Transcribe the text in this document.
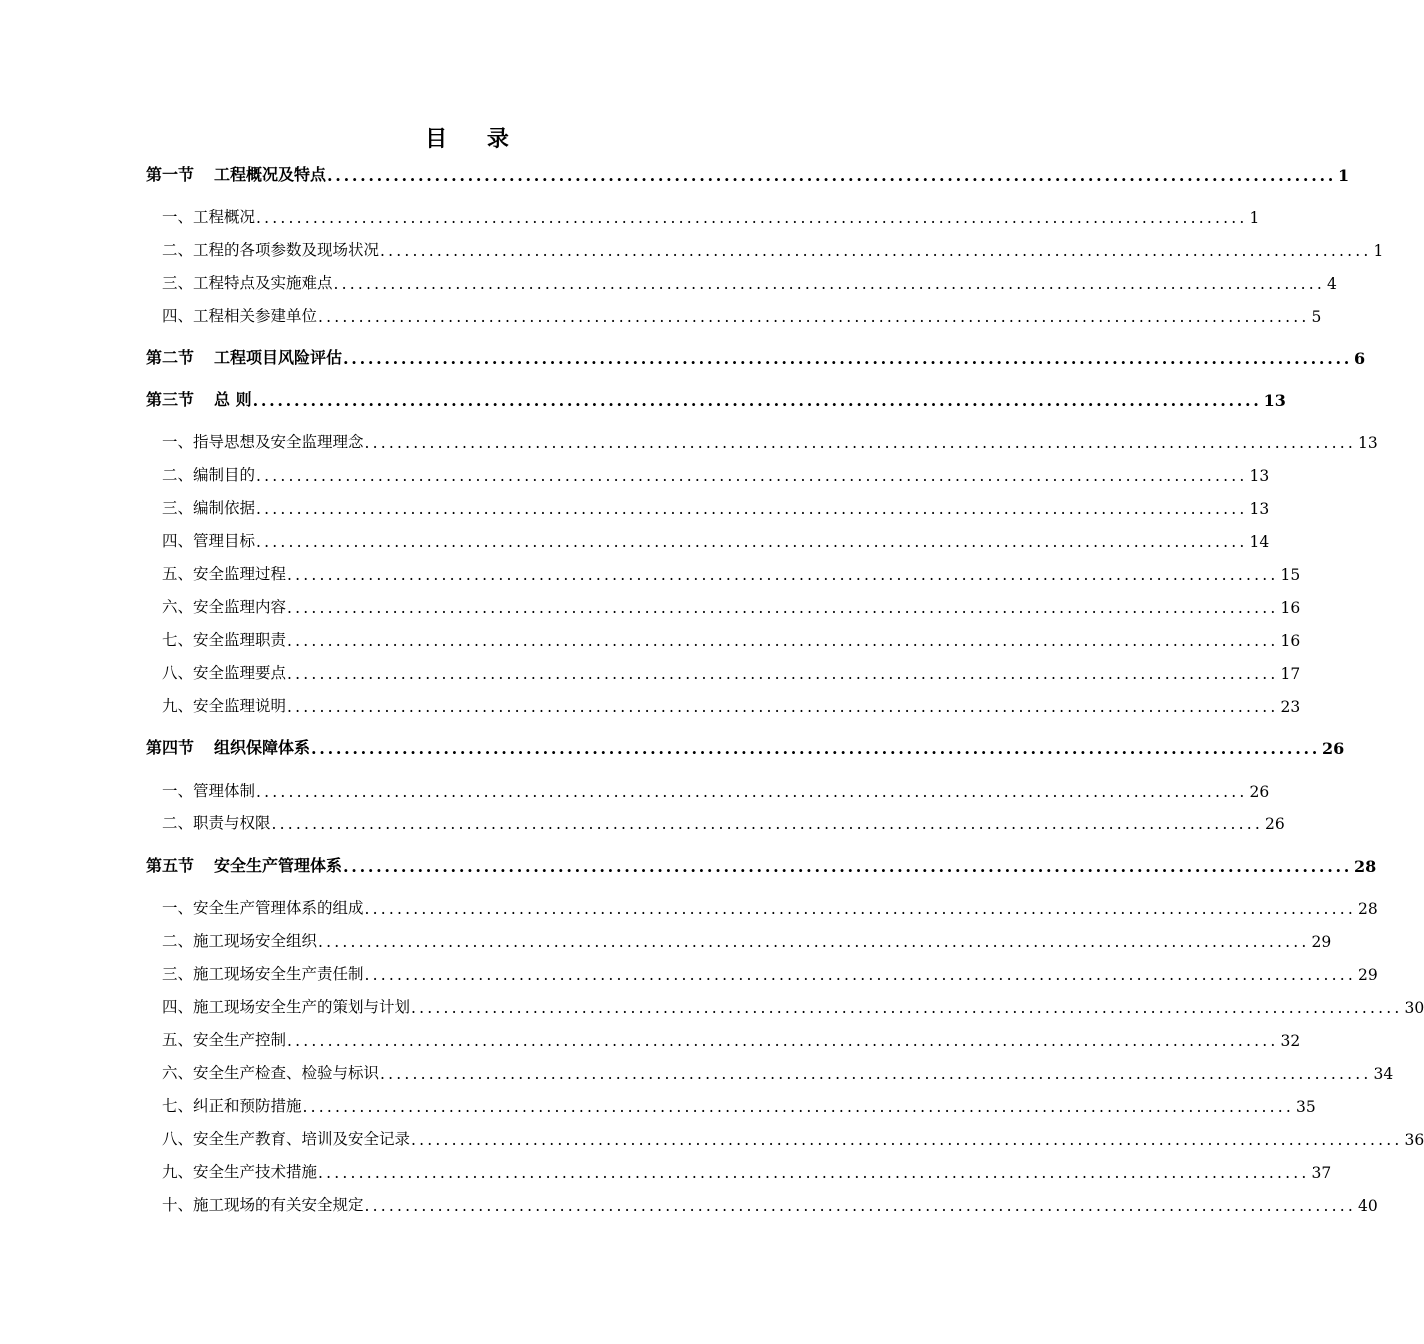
目 录
第一节 工程概况及特点 .......................................................................................................................... 1
一、 工程概况 .......................................................................................................................... 1
二、 工程的各项参数及现场状况 .......................................................................................................................... 1
三、 工程特点及实施难点 .......................................................................................................................... 4
四、 工程相关参建单位 .......................................................................................................................... 5
第二节 工程项目风险评估 .......................................................................................................................... 6
第三节 总 则 .......................................................................................................................... 13
一、 指导思想及安全监理理念 .......................................................................................................................... 13
二、 编制目的 .......................................................................................................................... 13
三、 编制依据 .......................................................................................................................... 13
四、 管理目标 .......................................................................................................................... 14
五、 安全监理过程 .......................................................................................................................... 15
六、 安全监理内容 .......................................................................................................................... 16
七、 安全监理职责 .......................................................................................................................... 16
八、 安全监理要点 .......................................................................................................................... 17
九、 安全监理说明 .......................................................................................................................... 23
第四节 组织保障体系 .......................................................................................................................... 26
一、 管理体制 .......................................................................................................................... 26
二、 职责与权限 .......................................................................................................................... 26
第五节 安全生产管理体系 .......................................................................................................................... 28
一、 安全生产管理体系的组成 .......................................................................................................................... 28
二、 施工现场安全组织 .......................................................................................................................... 29
三、 施工现场安全生产责任制 .......................................................................................................................... 29
四、 施工现场安全生产的策划与计划 .......................................................................................................................... 30
五、 安全生产控制 .......................................................................................................................... 32
六、 安全生产检查、检验与标识 .......................................................................................................................... 34
七、 纠正和预防措施 .......................................................................................................................... 35
八、 安全生产教育、培训及安全记录 .......................................................................................................................... 36
九、 安全生产技术措施 .......................................................................................................................... 37
十、 施工现场的有关安全规定 .......................................................................................................................... 40
